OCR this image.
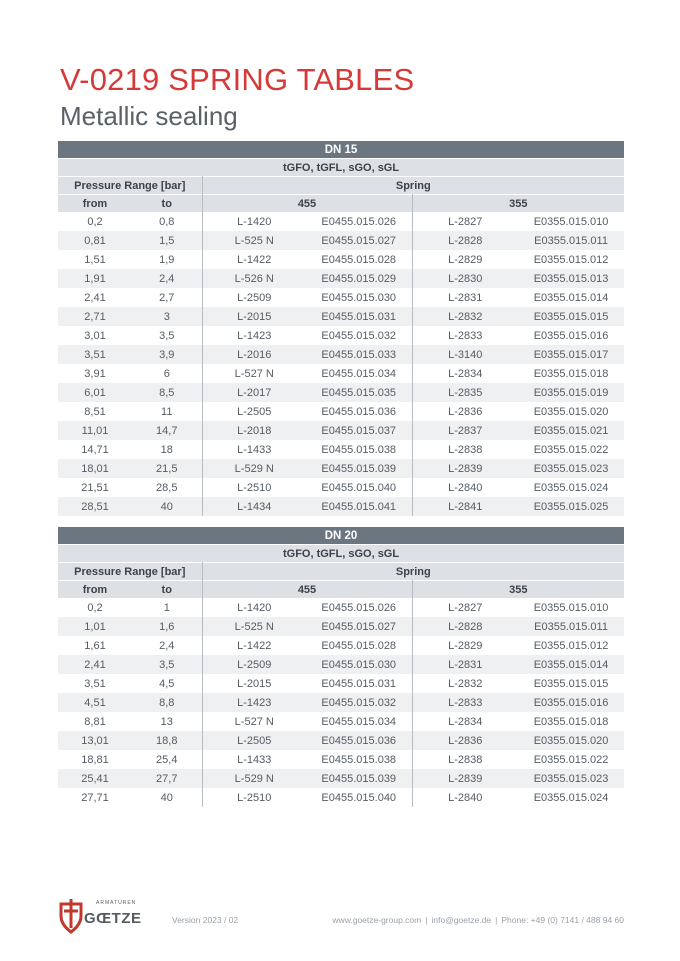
V-0219 SPRING TABLES
Metallic sealing
DN 15					
tGFO, tGFL, sGO, sGL					
Pressure Range [bar]		Spring			
from	to	455		355	
0,2	0,8	L-1420	E0455.015.026	L-2827	E0355.015.010
0,81	1,5	L-525 N	E0455.015.027	L-2828	E0355.015.011
1,51	1,9	L-1422	E0455.015.028	L-2829	E0355.015.012
1,91	2,4	L-526 N	E0455.015.029	L-2830	E0355.015.013
2,41	2,7	L-2509	E0455.015.030	L-2831	E0355.015.014
2,71	3	L-2015	E0455.015.031	L-2832	E0355.015.015
3,01	3,5	L-1423	E0455.015.032	L-2833	E0355.015.016
3,51	3,9	L-2016	E0455.015.033	L-3140	E0355.015.017
3,91	6	L-527 N	E0455.015.034	L-2834	E0355.015.018
6,01	8,5	L-2017	E0455.015.035	L-2835	E0355.015.019
8,51	11	L-2505	E0455.015.036	L-2836	E0355.015.020
11,01	14,7	L-2018	E0455.015.037	L-2837	E0355.015.021
14,71	18	L-1433	E0455.015.038	L-2838	E0355.015.022
18,01	21,5	L-529 N	E0455.015.039	L-2839	E0355.015.023
21,51	28,5	L-2510	E0455.015.040	L-2840	E0355.015.024
28,51	40	L-1434	E0455.015.041	L-2841	E0355.015.025
DN 20					
tGFO, tGFL, sGO, sGL					
Pressure Range [bar]		Spring			
from	to	455		355	
0,2	1	L-1420	E0455.015.026	L-2827	E0355.015.010
1,01	1,6	L-525 N	E0455.015.027	L-2828	E0355.015.011
1,61	2,4	L-1422	E0455.015.028	L-2829	E0355.015.012
2,41	3,5	L-2509	E0455.015.030	L-2831	E0355.015.014
3,51	4,5	L-2015	E0455.015.031	L-2832	E0355.015.015
4,51	8,8	L-1423	E0455.015.032	L-2833	E0355.015.016
8,81	13	L-527 N	E0455.015.034	L-2834	E0355.015.018
13,01	18,8	L-2505	E0455.015.036	L-2836	E0355.015.020
18,81	25,4	L-1433	E0455.015.038	L-2838	E0355.015.022
25,41	27,7	L-529 N	E0455.015.039	L-2839	E0355.015.023
27,71	40	L-2510	E0455.015.040	L-2840	E0355.015.024
ARMATUREN
GŒTZE	Version 2023 / 02	www.goetze-group.com | info@goetze.de | Phone: +49 (0) 7141 / 488 94 60
